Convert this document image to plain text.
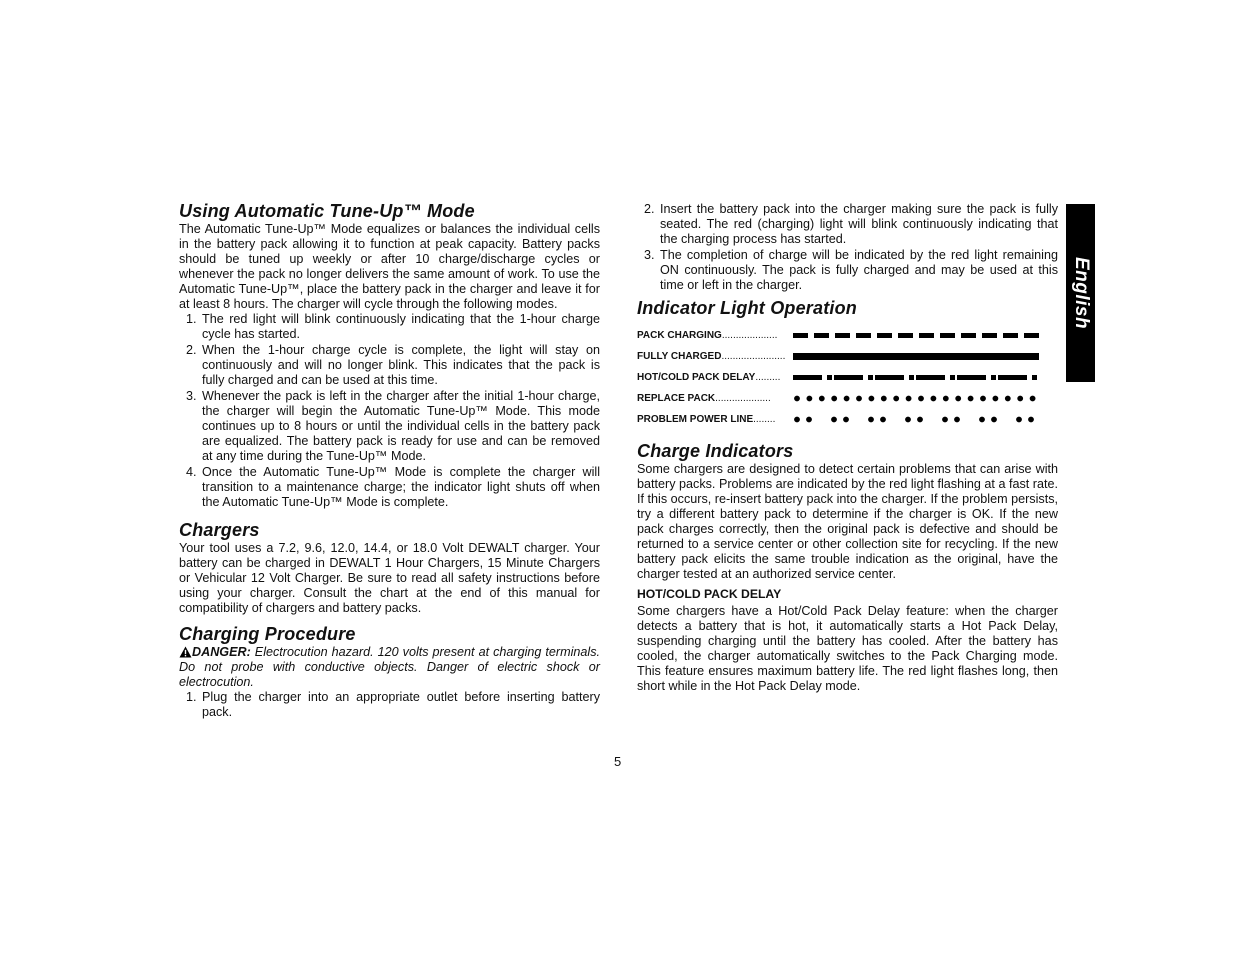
Using Automatic Tune-Up™ Mode

The Automatic Tune-Up™ Mode equalizes or balances the individual cells in the battery pack allowing it to function at peak capacity. Battery packs should be tuned up weekly or after 10 charge/discharge cycles or whenever the pack no longer delivers the same amount of work. To use the Automatic Tune-Up™, place the battery pack in the charger and leave it for at least 8 hours. The charger will cycle through the following modes.

1. The red light will blink continuously indicating that the 1-hour charge cycle has started.
2. When the 1-hour charge cycle is complete, the light will stay on continuously and will no longer blink. This indicates that the pack is fully charged and can be used at this time.
3. Whenever the pack is left in the charger after the initial 1-hour charge, the charger will begin the Automatic Tune-Up™ Mode. This mode continues up to 8 hours or until the individual cells in the battery pack are equalized. The battery pack is ready for use and can be removed at any time during the Tune-Up™ Mode.
4. Once the Automatic Tune-Up™ Mode is complete the charger will transition to a maintenance charge; the indicator light shuts off when the Automatic Tune-Up™ Mode is complete.
Chargers

Your tool uses a 7.2, 9.6, 12.0, 14.4, or 18.0 Volt DEWALT charger. Your battery can be charged in DEWALT 1 Hour Chargers, 15 Minute Chargers or Vehicular 12 Volt Charger. Be sure to read all safety instructions before using your charger. Consult the chart at the end of this manual for compatibility of chargers and battery packs.

Charging Procedure

DANGER: Electrocution hazard. 120 volts present at charging terminals. Do not probe with conductive objects. Danger of electric shock or electrocution.

1. Plug the charger into an appropriate outlet before inserting battery pack.
2. Insert the battery pack into the charger making sure the pack is fully seated. The red (charging) light will blink continuously indicating that the charging process has started.
3. The completion of charge will be indicated by the red light remaining ON continuously. The pack is fully charged and may be used at this time or left in the charger.
Indicator Light Operation
PACK CHARGING....................
FULLY CHARGED.......................
HOT/COLD PACK DELAY.........
REPLACE PACK....................
PROBLEM POWER LINE........
Charge Indicators

Some chargers are designed to detect certain problems that can arise with battery packs. Problems are indicated by the red light flashing at a fast rate. If this occurs, re-insert battery pack into the charger. If the problem persists, try a different battery pack to determine if the charger is OK. If the new pack charges correctly, then the original pack is defective and should be returned to a service center or other collection site for recycling. If the new battery pack elicits the same trouble indication as the original, have the charger tested at an authorized service center.

HOT/COLD PACK DELAY

Some chargers have a Hot/Cold Pack Delay feature: when the charger detects a battery that is hot, it automatically starts a Hot Pack Delay, suspending charging until the battery has cooled. After the battery has cooled, the charger automatically switches to the Pack Charging mode. This feature ensures maximum battery life. The red light flashes long, then short while in the Hot Pack Delay mode.

English
5
